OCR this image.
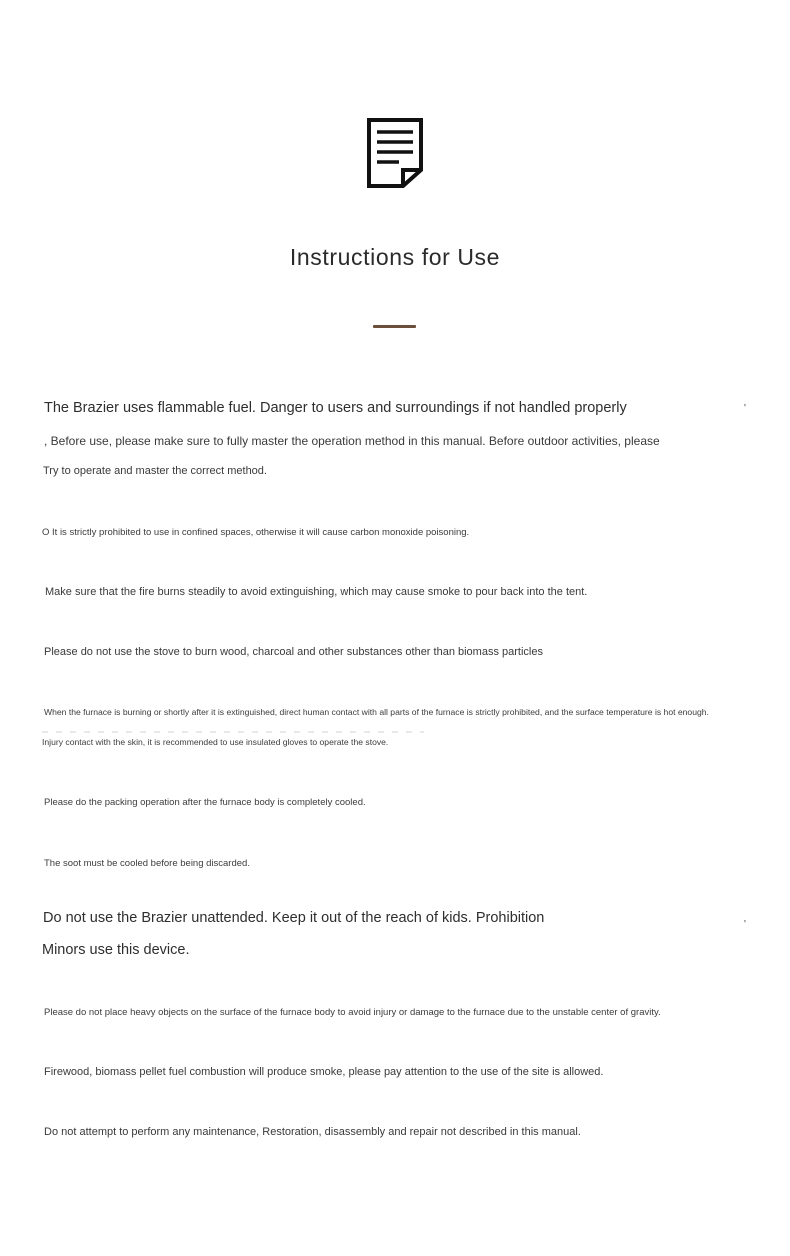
Instructions for Use

The Brazier uses flammable fuel. Danger to users and surroundings if not handled properly	'

, Before use, please make sure to fully master the operation method in this manual. Before outdoor activities, please

Try to operate and master the correct method.

O It is strictly prohibited to use in confined spaces, otherwise it will cause carbon monoxide poisoning.

Make sure that the fire burns steadily to avoid extinguishing, which may cause smoke to pour back into the tent.

Please do not use the stove to burn wood, charcoal and other substances other than biomass particles

When the furnace is burning or shortly after it is extinguished, direct human contact with all parts of the furnace is strictly prohibited, and the surface temperature is hot enough.

Injury contact with the skin, it is recommended to use insulated gloves to operate the stove.

Please do the packing operation after the furnace body is completely cooled.

The soot must be cooled before being discarded.

Do not use the Brazier unattended. Keep it out of the reach of kids. Prohibition	'

Minors use this device.

Please do not place heavy objects on the surface of the furnace body to avoid injury or damage to the furnace due to the unstable center of gravity.

Firewood, biomass pellet fuel combustion will produce smoke, please pay attention to the use of the site is allowed.

Do not attempt to perform any maintenance, Restoration, disassembly and repair not described in this manual.
